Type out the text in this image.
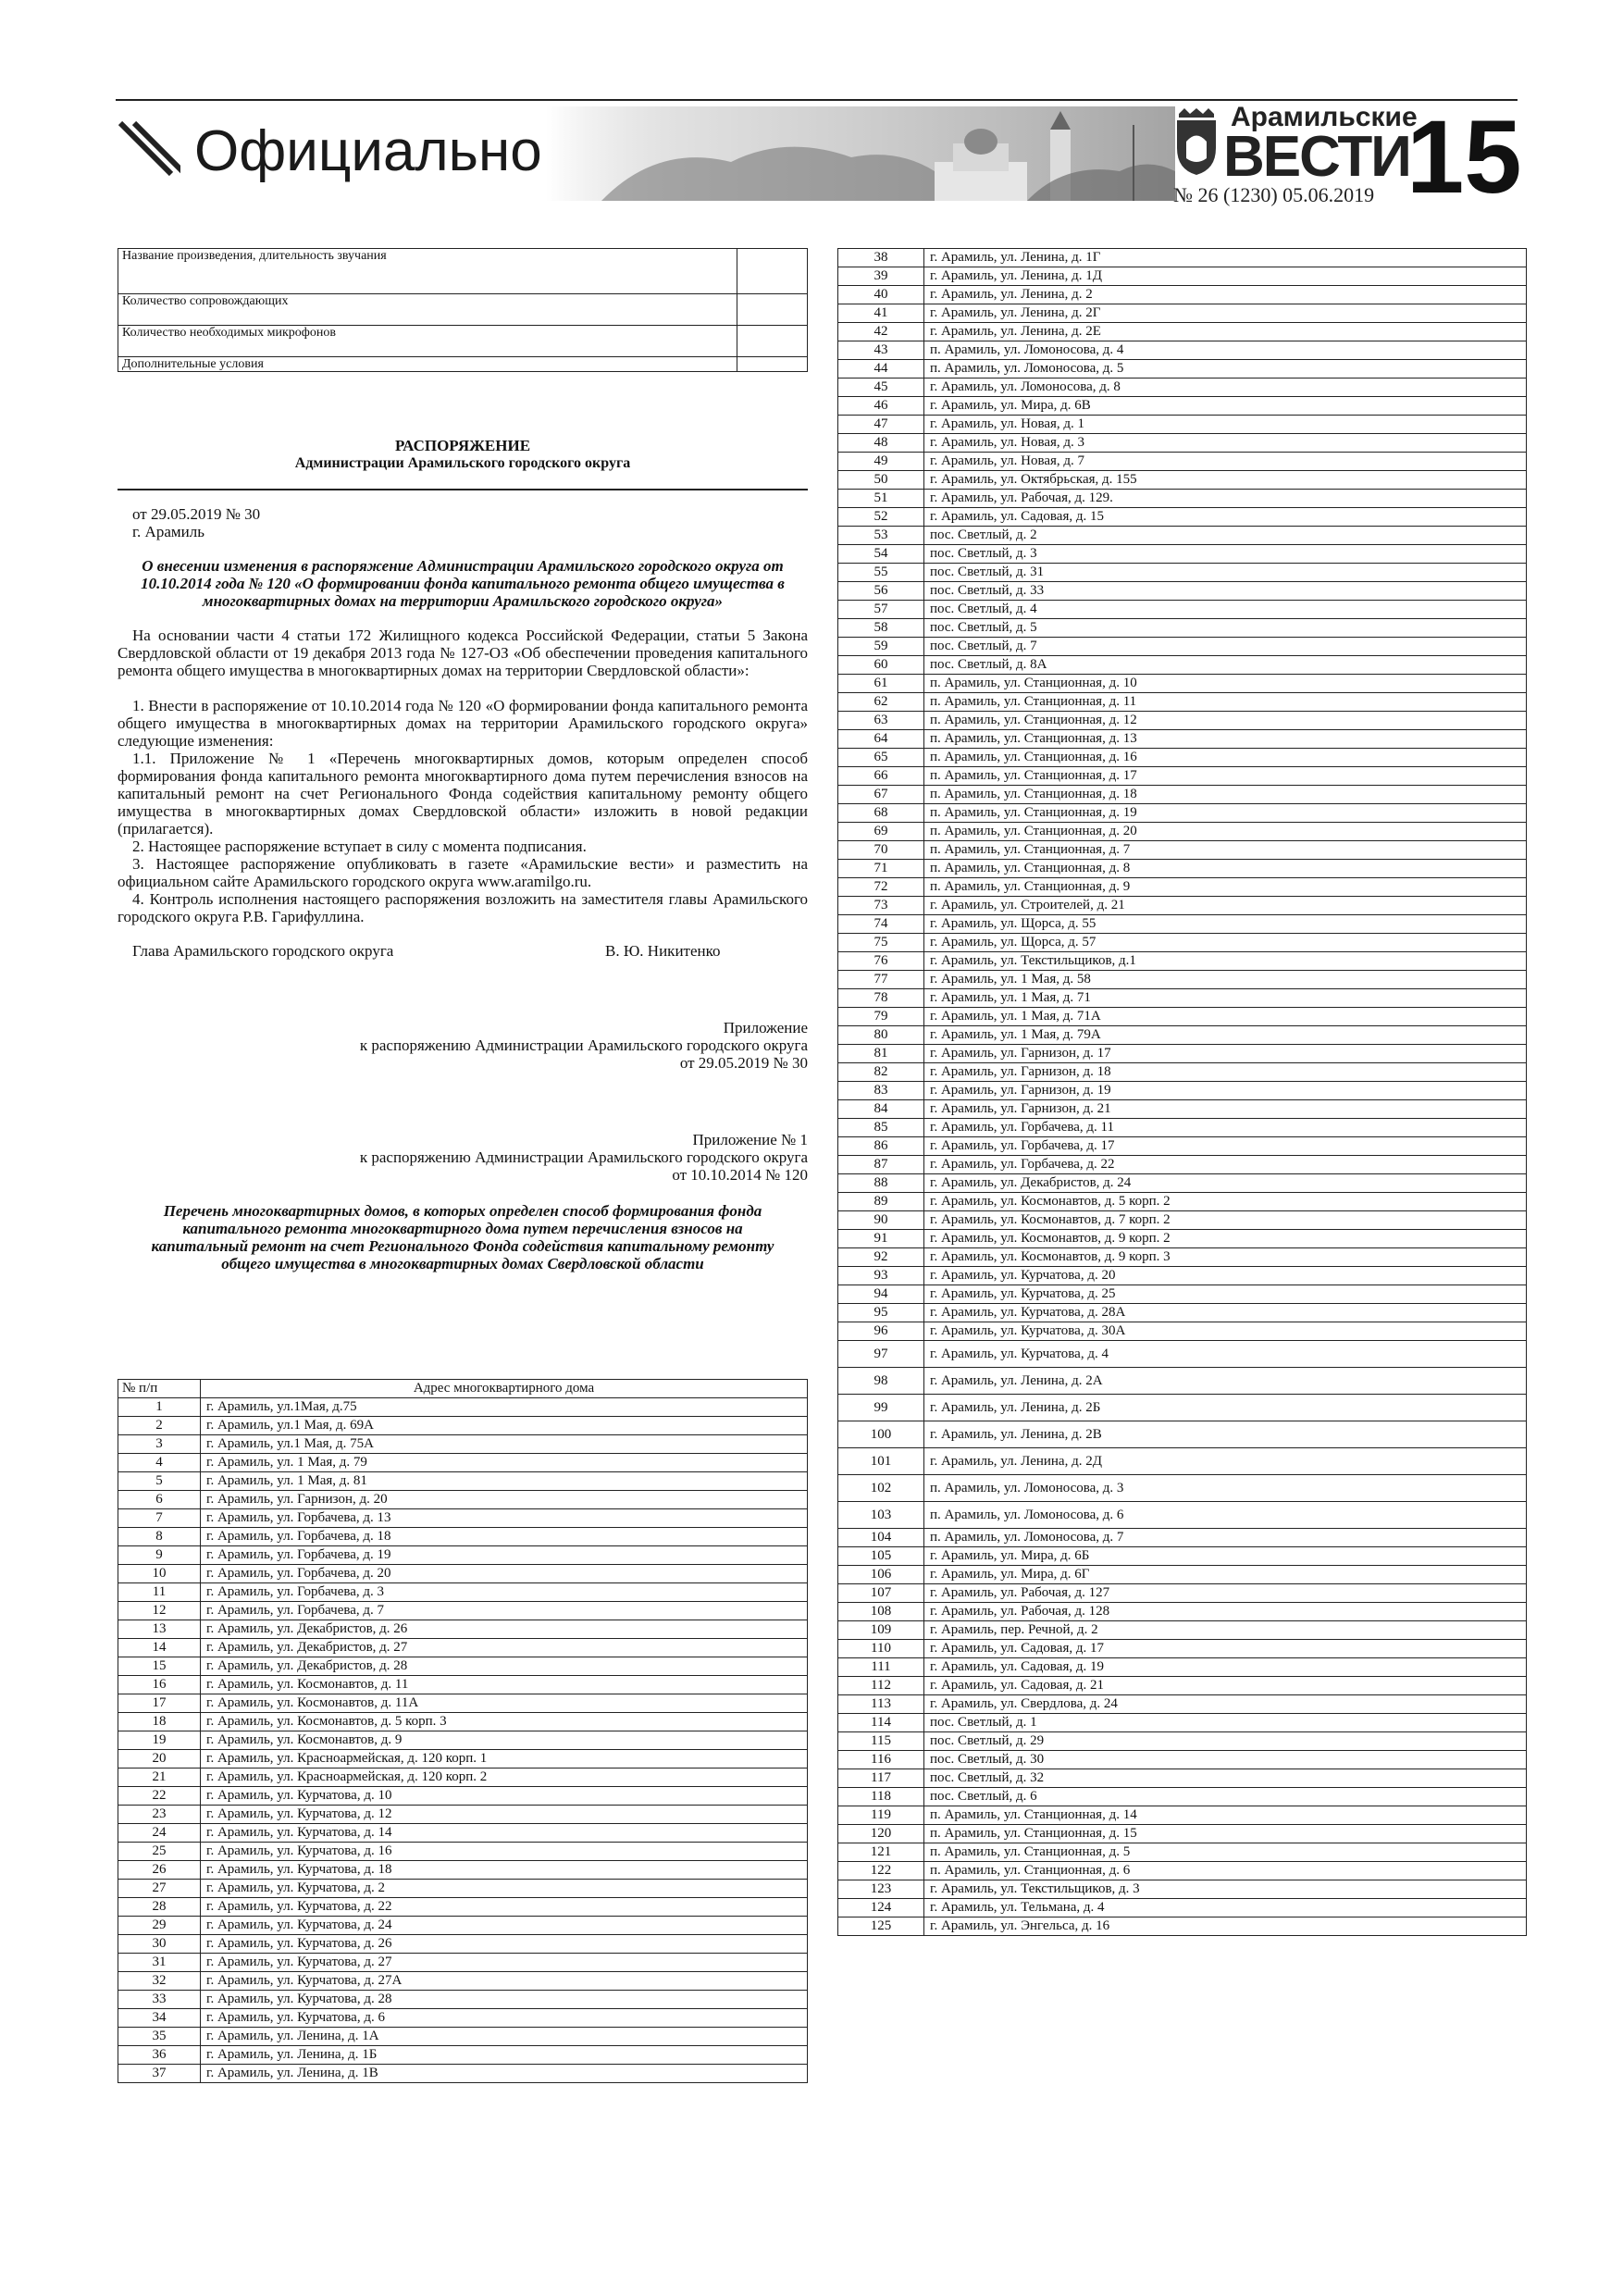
Официально
Арамильские
ВЕСТИ
№ 26 (1230) 05.06.2019 15
Название произведения, длительность звучания	
Количество сопровождающих	
Количество необходимых микрофонов	
Дополнительные условия	
РАСПОРЯЖЕНИЕ
Администрации Арамильского городского округа
от 29.05.2019 № 30
г. Арамиль
О внесении изменения в распоряжение Администрации Арамильского городского округа от 10.10.2014 года № 120 «О формировании фонда капитального ремонта общего имущества в многоквартирных домах на территории Арамильского городского округа»
На основании части 4 статьи 172 Жилищного кодекса Российской Федерации, статьи 5 Закона Свердловской области от 19 декабря 2013 года № 127-ОЗ «Об обеспечении проведения капитального ремонта общего имущества в многоквартирных домах на территории Свердловской области»:
1. Внести в распоряжение от 10.10.2014 года № 120 «О формировании фонда капитального ремонта общего имущества в многоквартирных домах на территории Арамильского городского округа» следующие изменения:
1.1. Приложение № 1 «Перечень многоквартирных домов, которым определен способ формирования фонда капитального ремонта многоквартирного дома путем перечисления взносов на капитальный ремонт на счет Регионального Фонда содействия капитальному ремонту общего имущества в многоквартирных домах Свердловской области» изложить в новой редакции (прилагается).
2. Настоящее распоряжение вступает в силу с момента подписания.
3. Настоящее распоряжение опубликовать в газете «Арамильские вести» и разместить на официальном сайте Арамильского городского округа www.aramilgo.ru.
4. Контроль исполнения настоящего распоряжения возложить на заместителя главы Арамильского городского округа Р.В. Гарифуллина.
Глава Арамильского городского округа	В. Ю. Никитенко
Приложение
к распоряжению Администрации Арамильского городского округа
от 29.05.2019 № 30
Приложение № 1
к распоряжению Администрации Арамильского городского округа
от 10.10.2014 № 120
Перечень многоквартирных домов, в которых определен способ формирования фонда капитального ремонта многоквартирного дома путем перечисления взносов на капитальный ремонт на счет Регионального Фонда содействия капитальному ремонту общего имущества в многоквартирных домах Свердловской области
№ п/п	Адрес многоквартирного дома
1	г. Арамиль, ул.1Мая, д.75
2	г. Арамиль, ул.1 Мая, д. 69А
3	г. Арамиль, ул.1 Мая, д. 75А
4	г. Арамиль, ул. 1 Мая, д. 79
5	г. Арамиль, ул. 1 Мая, д. 81
6	г. Арамиль, ул. Гарнизон, д. 20
7	г. Арамиль, ул. Горбачева, д. 13
8	г. Арамиль, ул. Горбачева, д. 18
9	г. Арамиль, ул. Горбачева, д. 19
10	г. Арамиль, ул. Горбачева, д. 20
11	г. Арамиль, ул. Горбачева, д. 3
12	г. Арамиль, ул. Горбачева, д. 7
13	г. Арамиль, ул. Декабристов, д. 26
14	г. Арамиль, ул. Декабристов, д. 27
15	г. Арамиль, ул. Декабристов, д. 28
16	г. Арамиль, ул. Космонавтов, д. 11
17	г. Арамиль, ул. Космонавтов, д. 11А
18	г. Арамиль, ул. Космонавтов, д. 5 корп. 3
19	г. Арамиль, ул. Космонавтов, д. 9
20	г. Арамиль, ул. Красноармейская, д. 120 корп. 1
21	г. Арамиль, ул. Красноармейская, д. 120 корп. 2
22	г. Арамиль, ул. Курчатова, д. 10
23	г. Арамиль, ул. Курчатова, д. 12
24	г. Арамиль, ул. Курчатова, д. 14
25	г. Арамиль, ул. Курчатова, д. 16
26	г. Арамиль, ул. Курчатова, д. 18
27	г. Арамиль, ул. Курчатова, д. 2
28	г. Арамиль, ул. Курчатова, д. 22
29	г. Арамиль, ул. Курчатова, д. 24
30	г. Арамиль, ул. Курчатова, д. 26
31	г. Арамиль, ул. Курчатова, д. 27
32	г. Арамиль, ул. Курчатова, д. 27А
33	г. Арамиль, ул. Курчатова, д. 28
34	г. Арамиль, ул. Курчатова, д. 6
35	г. Арамиль, ул. Ленина, д. 1А
36	г. Арамиль, ул. Ленина, д. 1Б
37	г. Арамиль, ул. Ленина, д. 1В
38	г. Арамиль, ул. Ленина, д. 1Г
39	г. Арамиль, ул. Ленина, д. 1Д
40	г. Арамиль, ул. Ленина, д. 2
41	г. Арамиль, ул. Ленина, д. 2Г
42	г. Арамиль, ул. Ленина, д. 2Е
43	п. Арамиль, ул. Ломоносова, д. 4
44	п. Арамиль, ул. Ломоносова, д. 5
45	г. Арамиль, ул. Ломоносова, д. 8
46	г. Арамиль, ул. Мира, д. 6В
47	г. Арамиль, ул. Новая, д. 1
48	г. Арамиль, ул. Новая, д. 3
49	г. Арамиль, ул. Новая, д. 7
50	г. Арамиль, ул. Октябрьская, д. 155
51	г. Арамиль, ул. Рабочая, д. 129.
52	г. Арамиль, ул. Садовая, д. 15
53	пос. Светлый, д. 2
54	пос. Светлый, д. 3
55	пос. Светлый, д. 31
56	пос. Светлый, д. 33
57	пос. Светлый, д. 4
58	пос. Светлый, д. 5
59	пос. Светлый, д. 7
60	пос. Светлый, д. 8А
61	п. Арамиль, ул. Станционная, д. 10
62	п. Арамиль, ул. Станционная, д. 11
63	п. Арамиль, ул. Станционная, д. 12
64	п. Арамиль, ул. Станционная, д. 13
65	п. Арамиль, ул. Станционная, д. 16
66	п. Арамиль, ул. Станционная, д. 17
67	п. Арамиль, ул. Станционная, д. 18
68	п. Арамиль, ул. Станционная, д. 19
69	п. Арамиль, ул. Станционная, д. 20
70	п. Арамиль, ул. Станционная, д. 7
71	п. Арамиль, ул. Станционная, д. 8
72	п. Арамиль, ул. Станционная, д. 9
73	г. Арамиль, ул. Строителей, д. 21
74	г. Арамиль, ул. Щорса, д. 55
75	г. Арамиль, ул. Щорса, д. 57
76	г. Арамиль, ул. Текстильщиков, д.1
77	г. Арамиль, ул. 1 Мая, д. 58
78	г. Арамиль, ул. 1 Мая, д. 71
79	г. Арамиль, ул. 1 Мая, д. 71А
80	г. Арамиль, ул. 1 Мая, д. 79А
81	г. Арамиль, ул. Гарнизон, д. 17
82	г. Арамиль, ул. Гарнизон, д. 18
83	г. Арамиль, ул. Гарнизон, д. 19
84	г. Арамиль, ул. Гарнизон, д. 21
85	г. Арамиль, ул. Горбачева, д. 11
86	г. Арамиль, ул. Горбачева, д. 17
87	г. Арамиль, ул. Горбачева, д. 22
88	г. Арамиль, ул. Декабристов, д. 24
89	г. Арамиль, ул. Космонавтов, д. 5 корп. 2
90	г. Арамиль, ул. Космонавтов, д. 7 корп. 2
91	г. Арамиль, ул. Космонавтов, д. 9 корп. 2
92	г. Арамиль, ул. Космонавтов, д. 9 корп. 3
93	г. Арамиль, ул. Курчатова, д. 20
94	г. Арамиль, ул. Курчатова, д. 25
95	г. Арамиль, ул. Курчатова, д. 28А
96	г. Арамиль, ул. Курчатова, д. 30А
97	г. Арамиль, ул. Курчатова, д. 4
98	г. Арамиль, ул. Ленина, д. 2А
99	г. Арамиль, ул. Ленина, д. 2Б
100	г. Арамиль, ул. Ленина, д. 2В
101	г. Арамиль, ул. Ленина, д. 2Д
102	п. Арамиль, ул. Ломоносова, д. 3
103	п. Арамиль, ул. Ломоносова, д. 6
104	п. Арамиль, ул. Ломоносова, д. 7
105	г. Арамиль, ул. Мира, д. 6Б
106	г. Арамиль, ул. Мира, д. 6Г
107	г. Арамиль, ул. Рабочая, д. 127
108	г. Арамиль, ул. Рабочая, д. 128
109	г. Арамиль, пер. Речной, д. 2
110	г. Арамиль, ул. Садовая, д. 17
111	г. Арамиль, ул. Садовая, д. 19
112	г. Арамиль, ул. Садовая, д. 21
113	г. Арамиль, ул. Свердлова, д. 24
114	пос. Светлый, д. 1
115	пос. Светлый, д. 29
116	пос. Светлый, д. 30
117	пос. Светлый, д. 32
118	пос. Светлый, д. 6
119	п. Арамиль, ул. Станционная, д. 14
120	п. Арамиль, ул. Станционная, д. 15
121	п. Арамиль, ул. Станционная, д. 5
122	п. Арамиль, ул. Станционная, д. 6
123	г. Арамиль, ул. Текстильщиков, д. 3
124	г. Арамиль, ул. Тельмана, д. 4
125	г. Арамиль, ул. Энгельса, д. 16
